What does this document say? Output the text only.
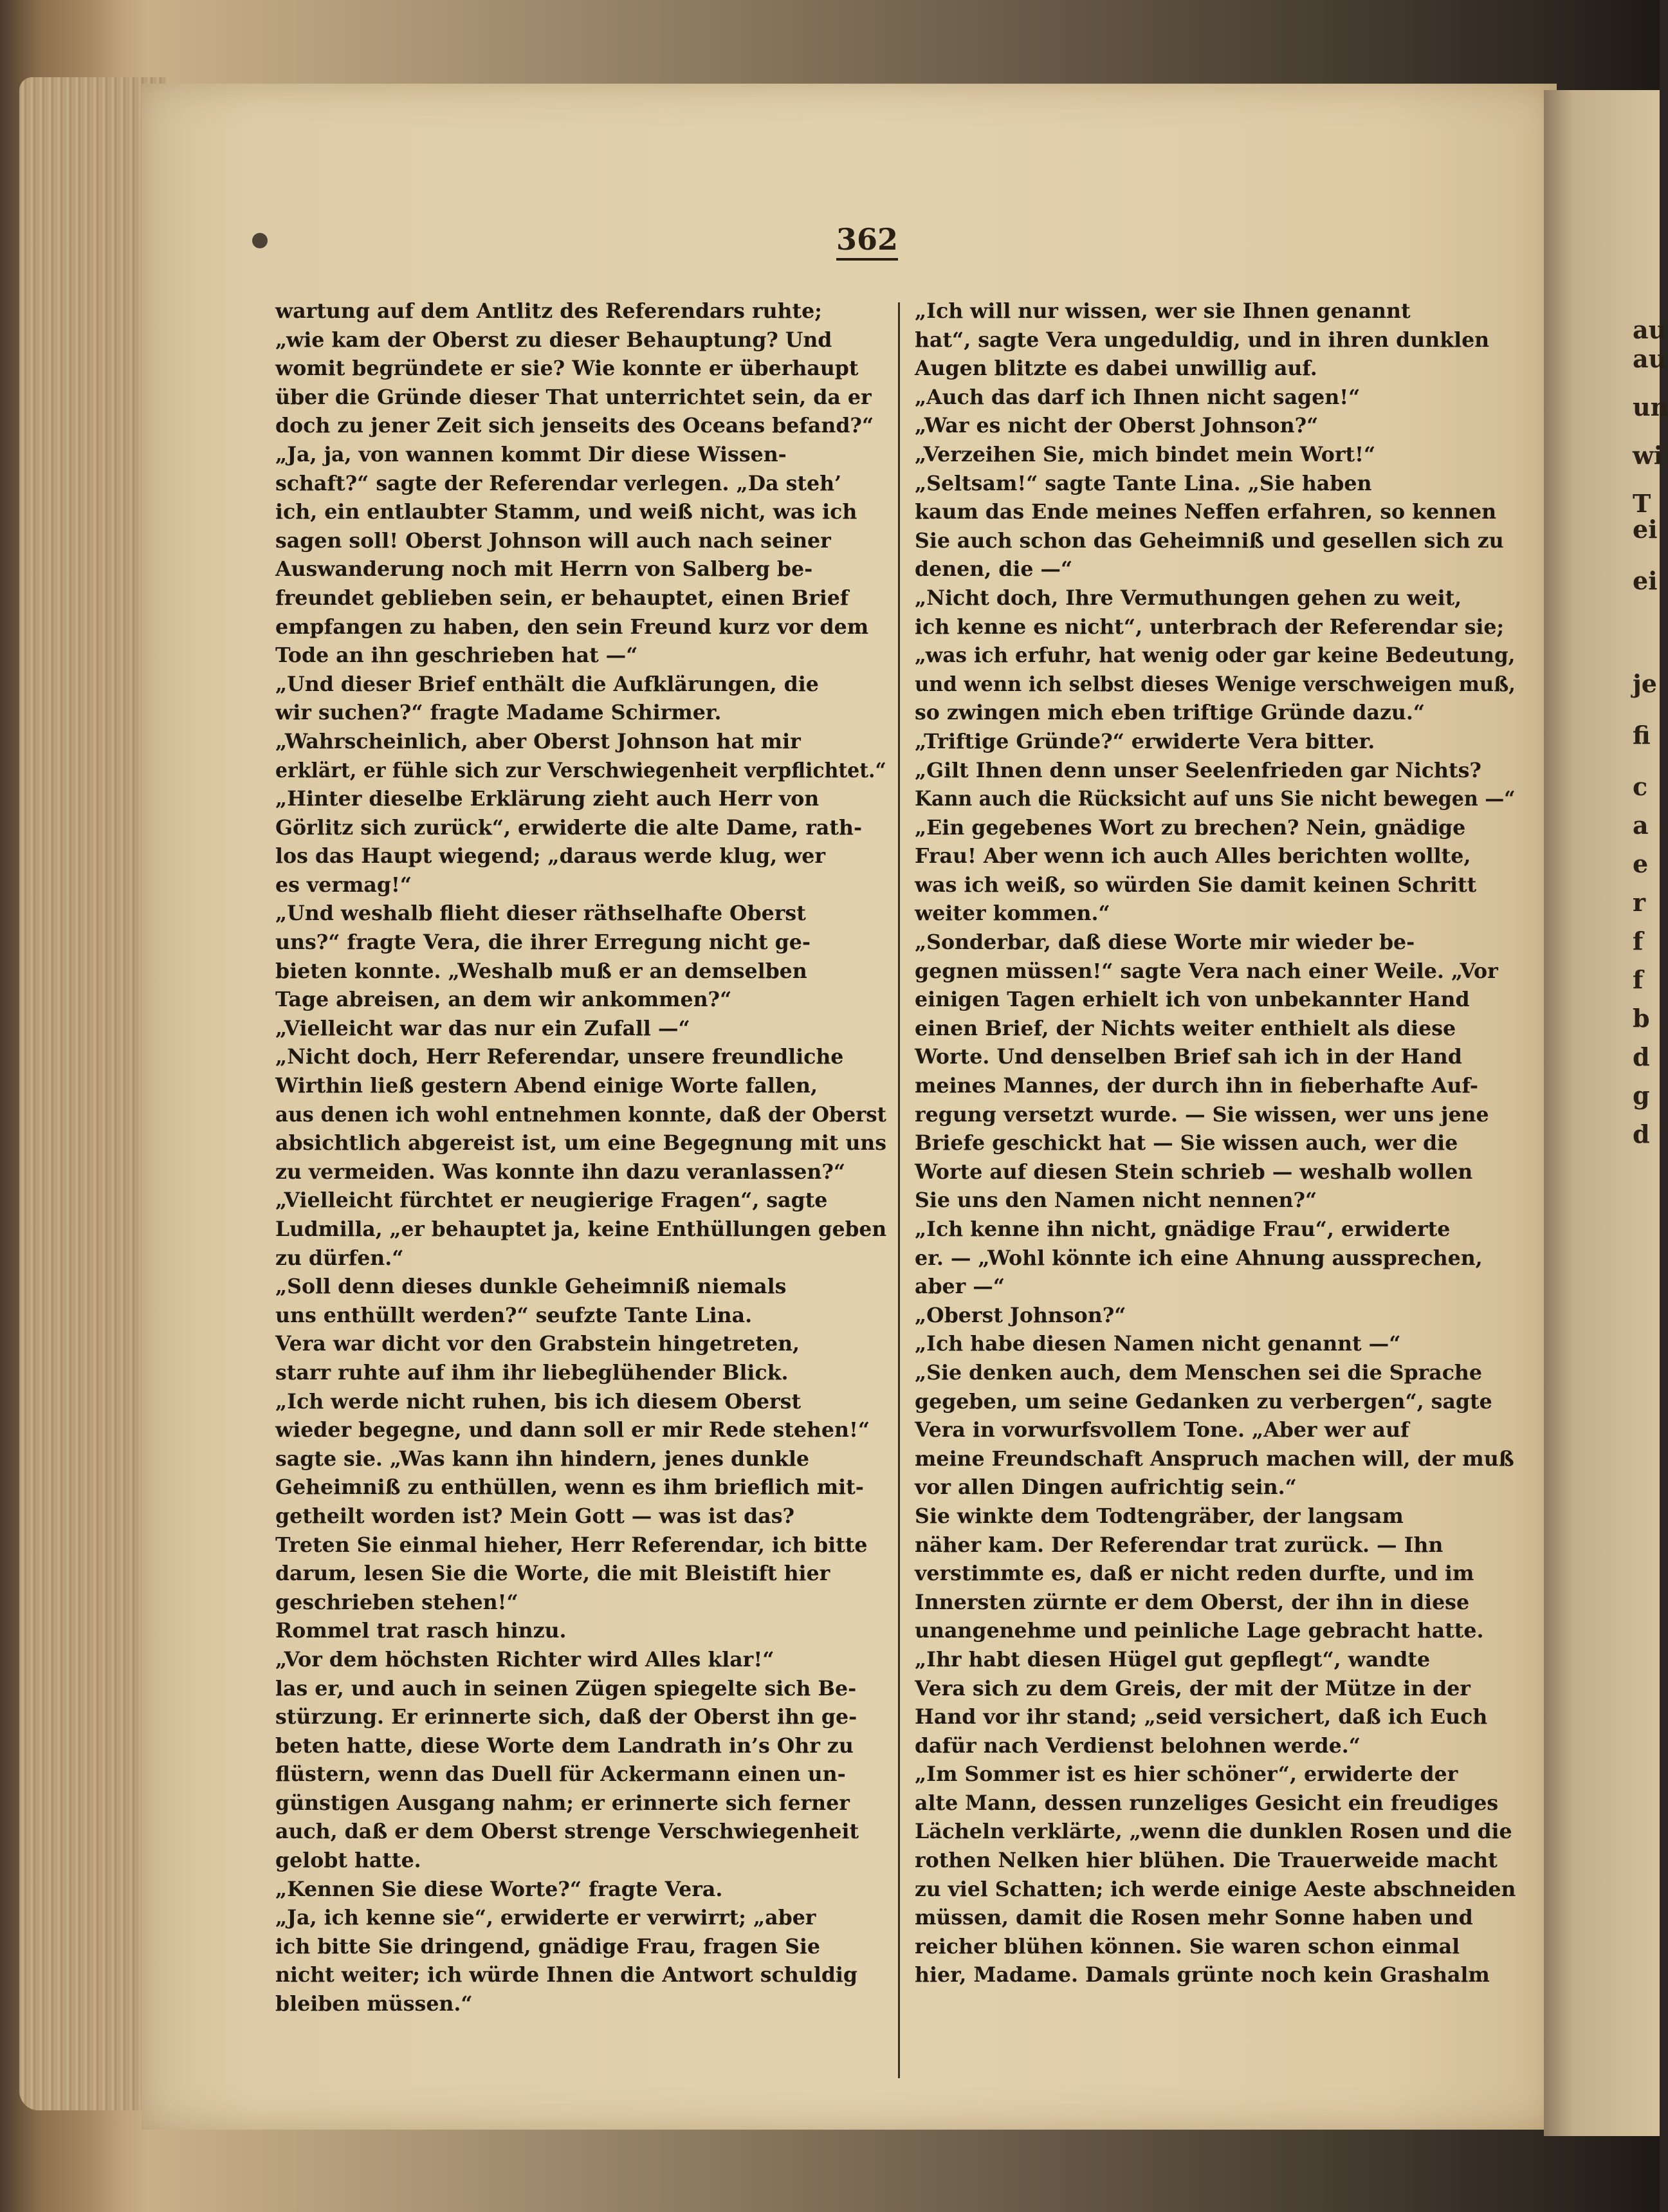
au
au
un
wi
T
ei
ei
je
fi
c
a
e
r
f
f
b
d
g
d
362
wartung auf dem Antlitz des Referendars ruhte;
„wie kam der Oberst zu dieser Behauptung? Und
womit begründete er sie? Wie konnte er überhaupt
über die Gründe dieser That unterrichtet sein, da er
doch zu jener Zeit sich jenseits des Oceans befand?“
„Ja, ja, von wannen kommt Dir diese Wissen-
schaft?“ sagte der Referendar verlegen. „Da steh’
ich, ein entlaubter Stamm, und weiß nicht, was ich
sagen soll! Oberst Johnson will auch nach seiner
Auswanderung noch mit Herrn von Salberg be-
freundet geblieben sein, er behauptet, einen Brief
empfangen zu haben, den sein Freund kurz vor dem
Tode an ihn geschrieben hat —“
„Und dieser Brief enthält die Aufklärungen, die
wir suchen?“ fragte Madame Schirmer.
„Wahrscheinlich, aber Oberst Johnson hat mir
erklärt, er fühle sich zur Verschwiegenheit verpflichtet.“
„Hinter dieselbe Erklärung zieht auch Herr von
Görlitz sich zurück“, erwiderte die alte Dame, rath-
los das Haupt wiegend; „daraus werde klug, wer
es vermag!“
„Und weshalb flieht dieser räthselhafte Oberst
uns?“ fragte Vera, die ihrer Erregung nicht ge-
bieten konnte. „Weshalb muß er an demselben
Tage abreisen, an dem wir ankommen?“
„Vielleicht war das nur ein Zufall —“
„Nicht doch, Herr Referendar, unsere freundliche
Wirthin ließ gestern Abend einige Worte fallen,
aus denen ich wohl entnehmen konnte, daß der Oberst
absichtlich abgereist ist, um eine Begegnung mit uns
zu vermeiden. Was konnte ihn dazu veranlassen?“
„Vielleicht fürchtet er neugierige Fragen“, sagte
Ludmilla, „er behauptet ja, keine Enthüllungen geben
zu dürfen.“
„Soll denn dieses dunkle Geheimniß niemals
uns enthüllt werden?“ seufzte Tante Lina.
Vera war dicht vor den Grabstein hingetreten,
starr ruhte auf ihm ihr liebeglühender Blick.
„Ich werde nicht ruhen, bis ich diesem Oberst
wieder begegne, und dann soll er mir Rede stehen!“
sagte sie. „Was kann ihn hindern, jenes dunkle
Geheimniß zu enthüllen, wenn es ihm brieflich mit-
getheilt worden ist? Mein Gott — was ist das?
Treten Sie einmal hieher, Herr Referendar, ich bitte
darum, lesen Sie die Worte, die mit Bleistift hier
geschrieben stehen!“
Rommel trat rasch hinzu.
„Vor dem höchsten Richter wird Alles klar!“
las er, und auch in seinen Zügen spiegelte sich Be-
stürzung. Er erinnerte sich, daß der Oberst ihn ge-
beten hatte, diese Worte dem Landrath in’s Ohr zu
flüstern, wenn das Duell für Ackermann einen un-
günstigen Ausgang nahm; er erinnerte sich ferner
auch, daß er dem Oberst strenge Verschwiegenheit
gelobt hatte.
„Kennen Sie diese Worte?“ fragte Vera.
„Ja, ich kenne sie“, erwiderte er verwirrt; „aber
ich bitte Sie dringend, gnädige Frau, fragen Sie
nicht weiter; ich würde Ihnen die Antwort schuldig
bleiben müssen.“
„Ich will nur wissen, wer sie Ihnen genannt
hat“, sagte Vera ungeduldig, und in ihren dunklen
Augen blitzte es dabei unwillig auf.
„Auch das darf ich Ihnen nicht sagen!“
„War es nicht der Oberst Johnson?“
„Verzeihen Sie, mich bindet mein Wort!“
„Seltsam!“ sagte Tante Lina. „Sie haben
kaum das Ende meines Neffen erfahren, so kennen
Sie auch schon das Geheimniß und gesellen sich zu
denen, die —“
„Nicht doch, Ihre Vermuthungen gehen zu weit,
ich kenne es nicht“, unterbrach der Referendar sie;
„was ich erfuhr, hat wenig oder gar keine Bedeutung,
und wenn ich selbst dieses Wenige verschweigen muß,
so zwingen mich eben triftige Gründe dazu.“
„Triftige Gründe?“ erwiderte Vera bitter.
„Gilt Ihnen denn unser Seelenfrieden gar Nichts?
Kann auch die Rücksicht auf uns Sie nicht bewegen —“
„Ein gegebenes Wort zu brechen? Nein, gnädige
Frau! Aber wenn ich auch Alles berichten wollte,
was ich weiß, so würden Sie damit keinen Schritt
weiter kommen.“
„Sonderbar, daß diese Worte mir wieder be-
gegnen müssen!“ sagte Vera nach einer Weile. „Vor
einigen Tagen erhielt ich von unbekannter Hand
einen Brief, der Nichts weiter enthielt als diese
Worte. Und denselben Brief sah ich in der Hand
meines Mannes, der durch ihn in fieberhafte Auf-
regung versetzt wurde. — Sie wissen, wer uns jene
Briefe geschickt hat — Sie wissen auch, wer die
Worte auf diesen Stein schrieb — weshalb wollen
Sie uns den Namen nicht nennen?“
„Ich kenne ihn nicht, gnädige Frau“, erwiderte
er. — „Wohl könnte ich eine Ahnung aussprechen,
aber —“
„Oberst Johnson?“
„Ich habe diesen Namen nicht genannt —“
„Sie denken auch, dem Menschen sei die Sprache
gegeben, um seine Gedanken zu verbergen“, sagte
Vera in vorwurfsvollem Tone. „Aber wer auf
meine Freundschaft Anspruch machen will, der muß
vor allen Dingen aufrichtig sein.“
Sie winkte dem Todtengräber, der langsam
näher kam. Der Referendar trat zurück. — Ihn
verstimmte es, daß er nicht reden durfte, und im
Innersten zürnte er dem Oberst, der ihn in diese
unangenehme und peinliche Lage gebracht hatte.
„Ihr habt diesen Hügel gut gepflegt“, wandte
Vera sich zu dem Greis, der mit der Mütze in der
Hand vor ihr stand; „seid versichert, daß ich Euch
dafür nach Verdienst belohnen werde.“
„Im Sommer ist es hier schöner“, erwiderte der
alte Mann, dessen runzeliges Gesicht ein freudiges
Lächeln verklärte, „wenn die dunklen Rosen und die
rothen Nelken hier blühen. Die Trauerweide macht
zu viel Schatten; ich werde einige Aeste abschneiden
müssen, damit die Rosen mehr Sonne haben und
reicher blühen können. Sie waren schon einmal
hier, Madame. Damals grünte noch kein Grashalm
